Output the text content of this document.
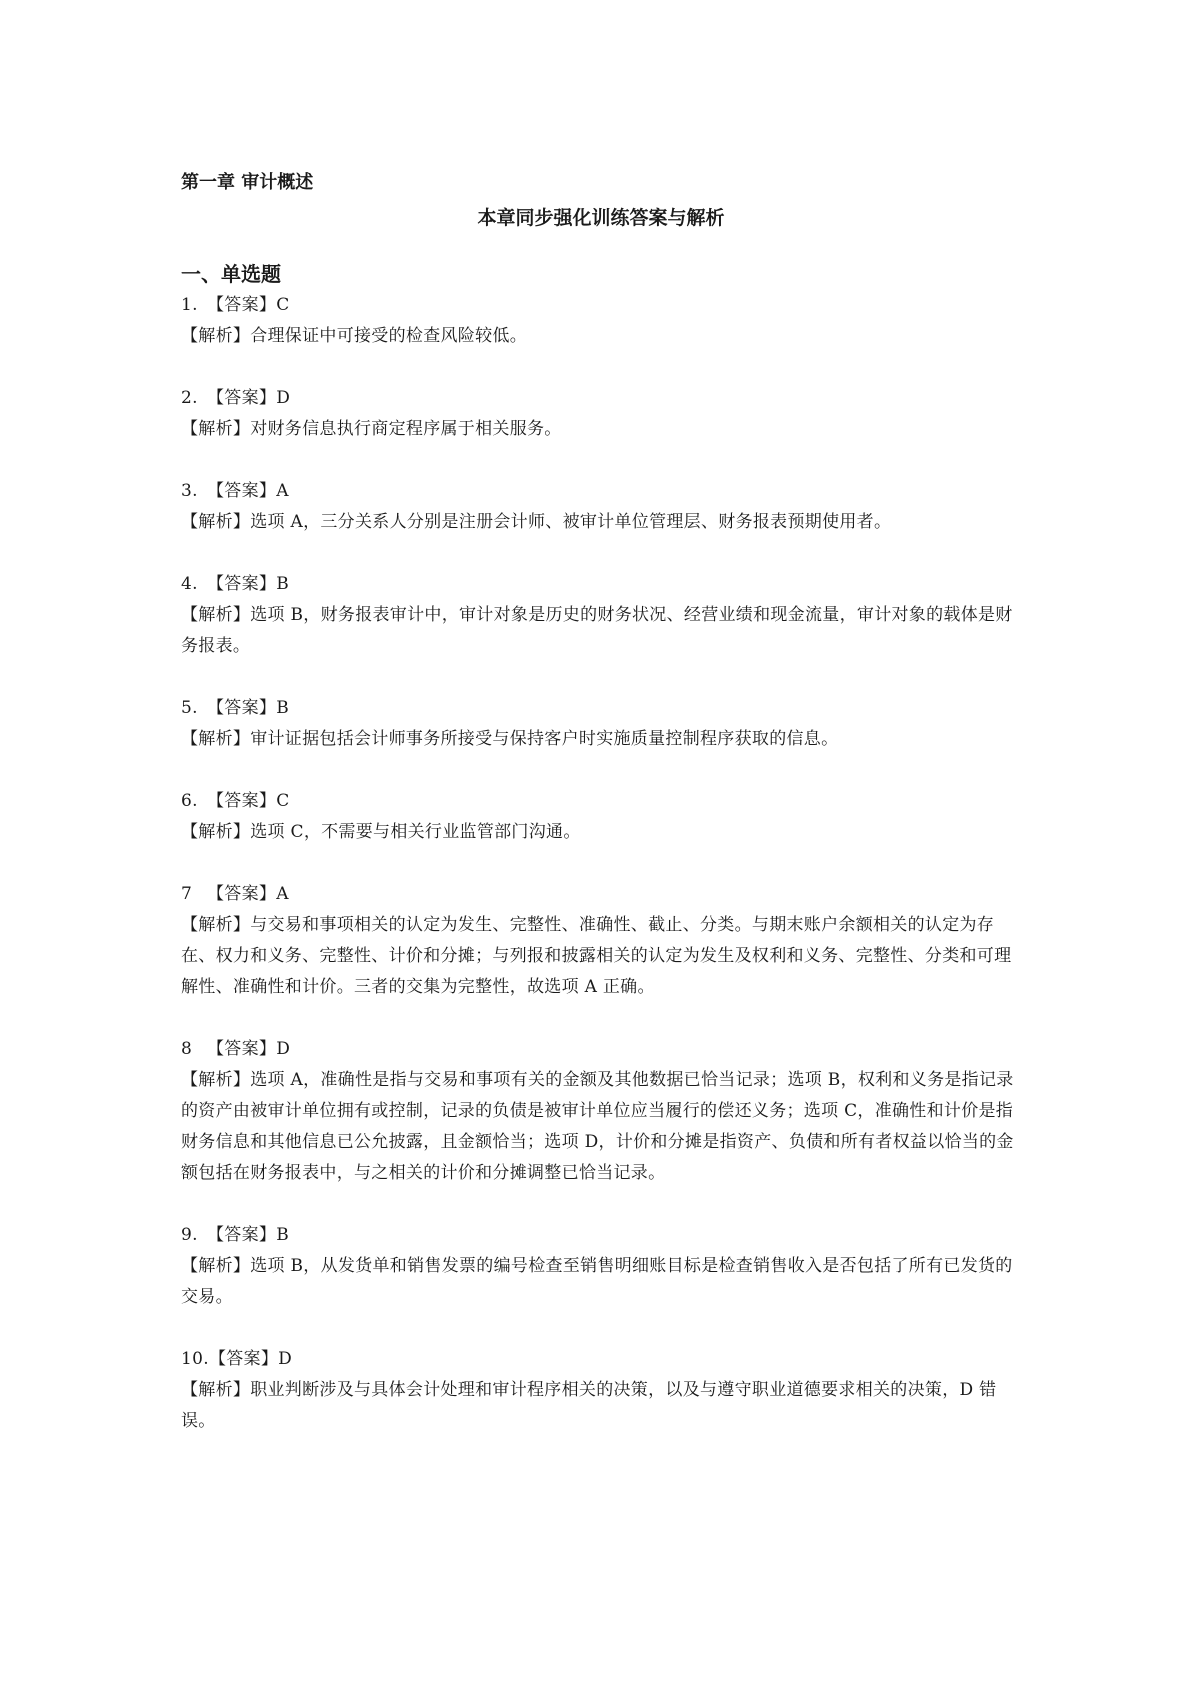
第一章 审计概述
本章同步强化训练答案与解析
一、单选题
1. 【答案】C
【解析】合理保证中可接受的检查风险较低。
2. 【答案】D
【解析】对财务信息执行商定程序属于相关服务。
3. 【答案】A
【解析】选项 A，三分关系人分别是注册会计师、被审计单位管理层、财务报表预期使用者。
4. 【答案】B
【解析】选项 B，财务报表审计中，审计对象是历史的财务状况、经营业绩和现金流量，审计对象的载体是财务报表。
5. 【答案】B
【解析】审计证据包括会计师事务所接受与保持客户时实施质量控制程序获取的信息。
6. 【答案】C
【解析】选项 C，不需要与相关行业监管部门沟通。
7 【答案】A
【解析】与交易和事项相关的认定为发生、完整性、准确性、截止、分类。与期末账户余额相关的认定为存在、权力和义务、完整性、计价和分摊；与列报和披露相关的认定为发生及权利和义务、完整性、分类和可理解性、准确性和计价。三者的交集为完整性，故选项 A 正确。
8 【答案】D
【解析】选项 A，准确性是指与交易和事项有关的金额及其他数据已恰当记录；选项 B，权利和义务是指记录的资产由被审计单位拥有或控制，记录的负债是被审计单位应当履行的偿还义务；选项 C，准确性和计价是指财务信息和其他信息已公允披露，且金额恰当；选项 D，计价和分摊是指资产、负债和所有者权益以恰当的金额包括在财务报表中，与之相关的计价和分摊调整已恰当记录。
9. 【答案】B
【解析】选项 B，从发货单和销售发票的编号检查至销售明细账目标是检查销售收入是否包括了所有已发货的交易。
10.【答案】D
【解析】职业判断涉及与具体会计处理和审计程序相关的决策，以及与遵守职业道德要求相关的决策，D 错误。
